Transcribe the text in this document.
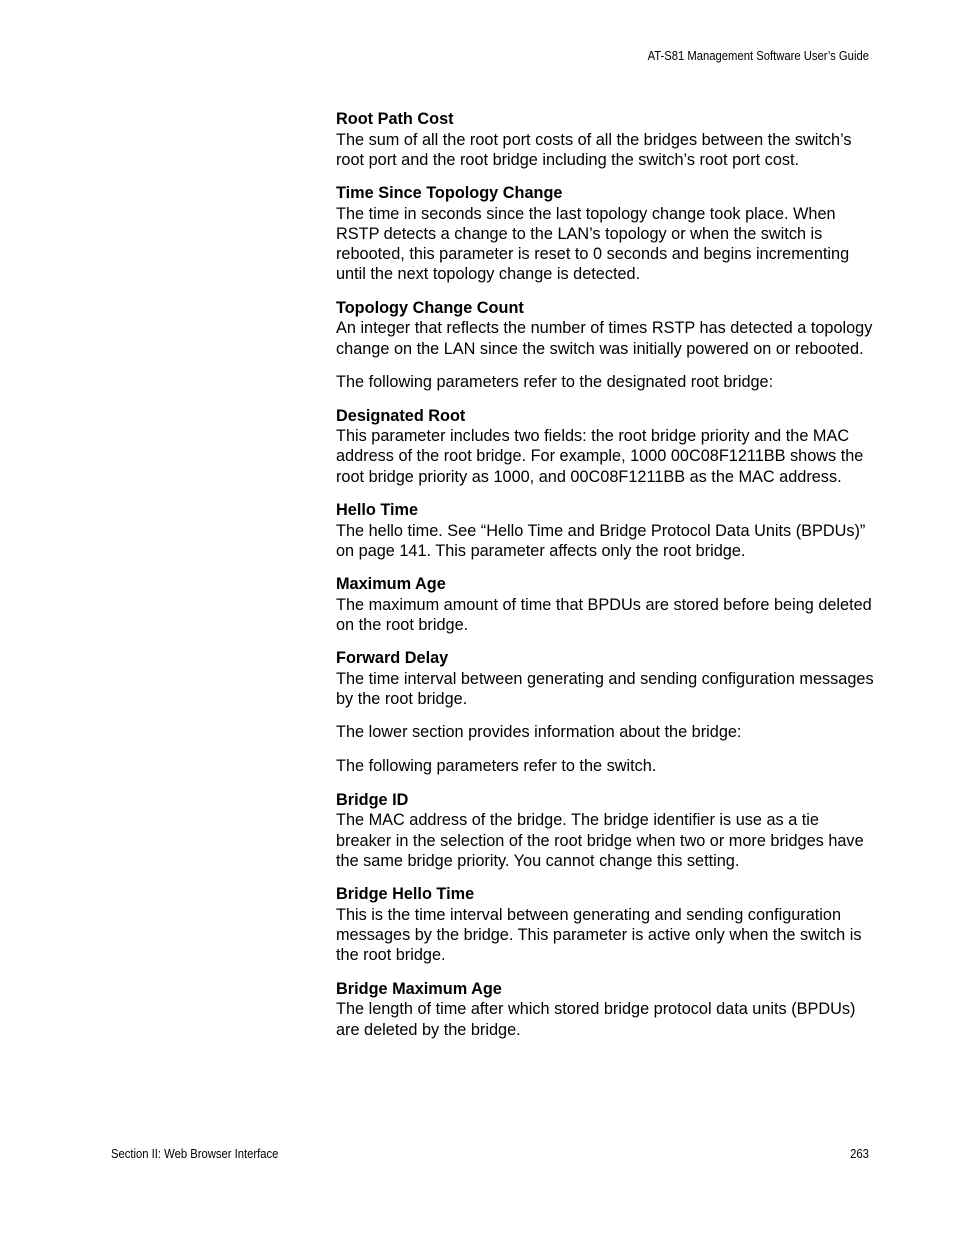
AT-S81 Management Software User’s Guide

Root Path Cost

The sum of all the root port costs of all the bridges between the switch’s root port and the root bridge including the switch’s root port cost.

Time Since Topology Change

The time in seconds since the last topology change took place. When RSTP detects a change to the LAN’s topology or when the switch is rebooted, this parameter is reset to 0 seconds and begins incrementing until the next topology change is detected.

Topology Change Count

An integer that reflects the number of times RSTP has detected a topology change on the LAN since the switch was initially powered on or rebooted.

The following parameters refer to the designated root bridge:

Designated Root

This parameter includes two fields: the root bridge priority and the MAC address of the root bridge. For example, 1000 00C08F1211BB shows the root bridge priority as 1000, and 00C08F1211BB as the MAC address.

Hello Time

The hello time. See “Hello Time and Bridge Protocol Data Units (BPDUs)” on page 141. This parameter affects only the root bridge.

Maximum Age

The maximum amount of time that BPDUs are stored before being deleted on the root bridge.

Forward Delay

The time interval between generating and sending configuration messages by the root bridge.

The lower section provides information about the bridge:

The following parameters refer to the switch.

Bridge ID

The MAC address of the bridge. The bridge identifier is use as a tie breaker in the selection of the root bridge when two or more bridges have the same bridge priority. You cannot change this setting.

Bridge Hello Time

This is the time interval between generating and sending configuration messages by the bridge. This parameter is active only when the switch is the root bridge.

Bridge Maximum Age

The length of time after which stored bridge protocol data units (BPDUs) are deleted by the bridge.

Section II: Web Browser Interface	263
